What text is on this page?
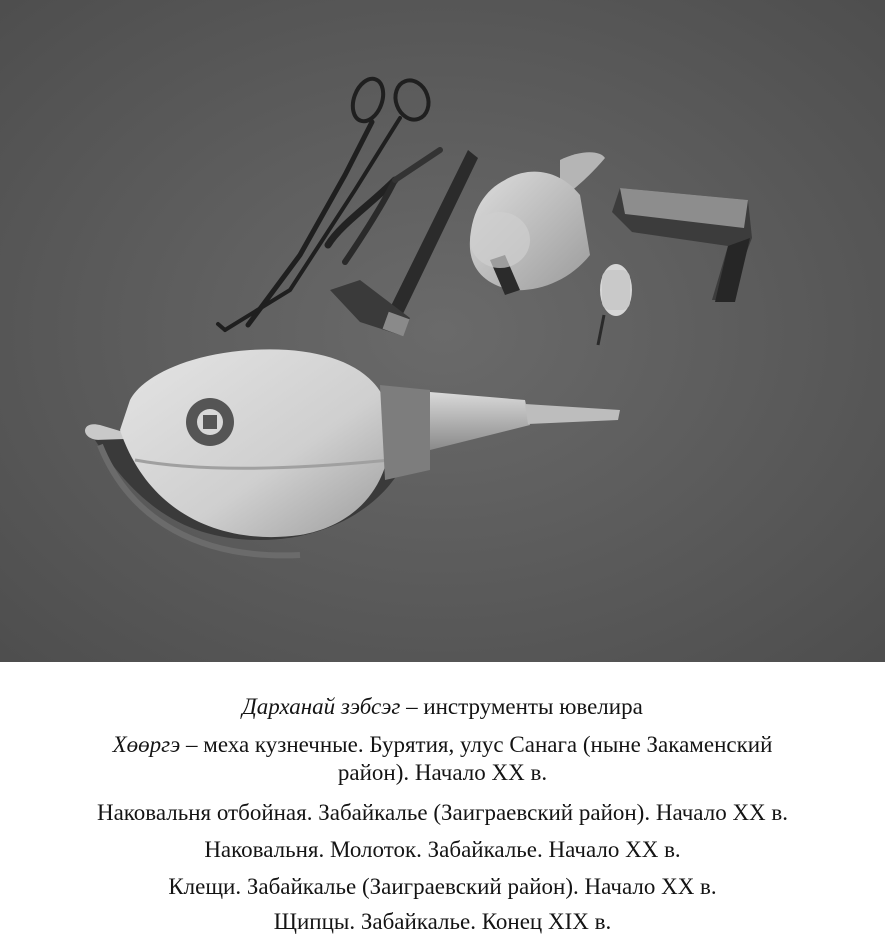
Дарханай зэбсэг – инструменты ювелира
Хөөргэ – меха кузнечные. Бурятия, улус Санага (ныне Закаменский
район). Начало XX в.
Наковальня отбойная. Забайкалье (Заиграевский район). Начало XX в.
Наковальня. Молоток. Забайкалье. Начало XX в.
Клещи. Забайкалье (Заиграевский район). Начало XX в.
Щипцы. Забайкалье. Конец XIX в.
